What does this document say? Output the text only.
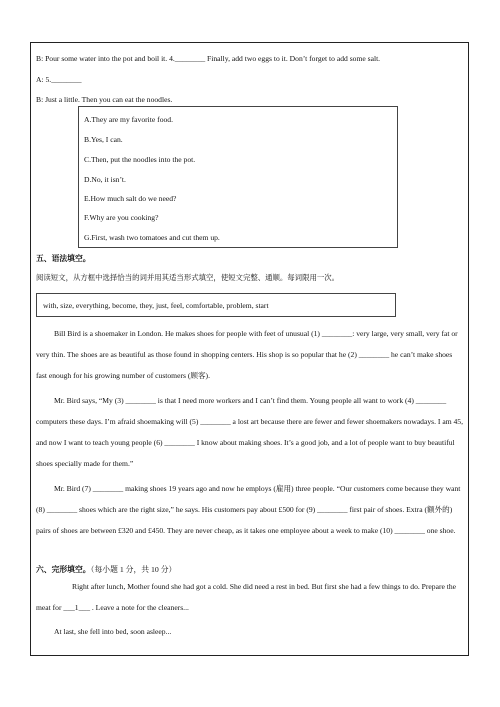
B: Pour some water into the pot and boil it. 4.________ Finally, add two eggs to it. Don’t forget to add some salt.

A: 5.________

B: Just a little. Then you can eat the noodles.

A.They are my favorite food.
B.Yes, I can.
C.Then, put the noodles into the pot.
D.No, it isn’t.
E.How much salt do we need?
F.Why are you cooking?
G.First, wash two tomatoes and cut them up.
五、语法填空。
阅读短文，从方框中选择恰当的词并用其适当形式填空，使短文完整、通顺。每词限用一次。
with, size, everything, become, they, just, feel, comfortable, problem, start

Bill Bird is a shoemaker in London. He makes shoes for people with feet of unusual (1) ________: very large, very small, very fat or very thin. The shoes are as beautiful as those found in shopping centers. His shop is so popular that he (2) ________ he can’t make shoes fast enough for his growing number of customers (顾客).

Mr. Bird says, “My (3) ________ is that I need more workers and I can’t find them. Young people all want to work (4) ________ computers these days. I’m afraid shoemaking will (5) ________ a lost art because there are fewer and fewer shoemakers nowadays. I am 45, and now I want to teach young people (6) ________ I know about making shoes. It’s a good job, and a lot of people want to buy beautiful shoes specially made for them.”

Mr. Bird (7) ________ making shoes 19 years ago and now he employs (雇用) three people. “Our customers come because they want (8) ________ shoes which are the right size,” he says. His customers pay about £500 for (9) ________ first pair of shoes. Extra (额外的) pairs of shoes are between £320 and £450. They are never cheap, as it takes one employee about a week to make (10) ________ one shoe.

六、完形填空。（每小题 1 分，共 10 分）

Right after lunch, Mother found she had got a cold. She did need a rest in bed. But first she had a few things to do. Prepare the meat for ___1___ . Leave a note for the cleaners...

At last, she fell into bed, soon asleep...
